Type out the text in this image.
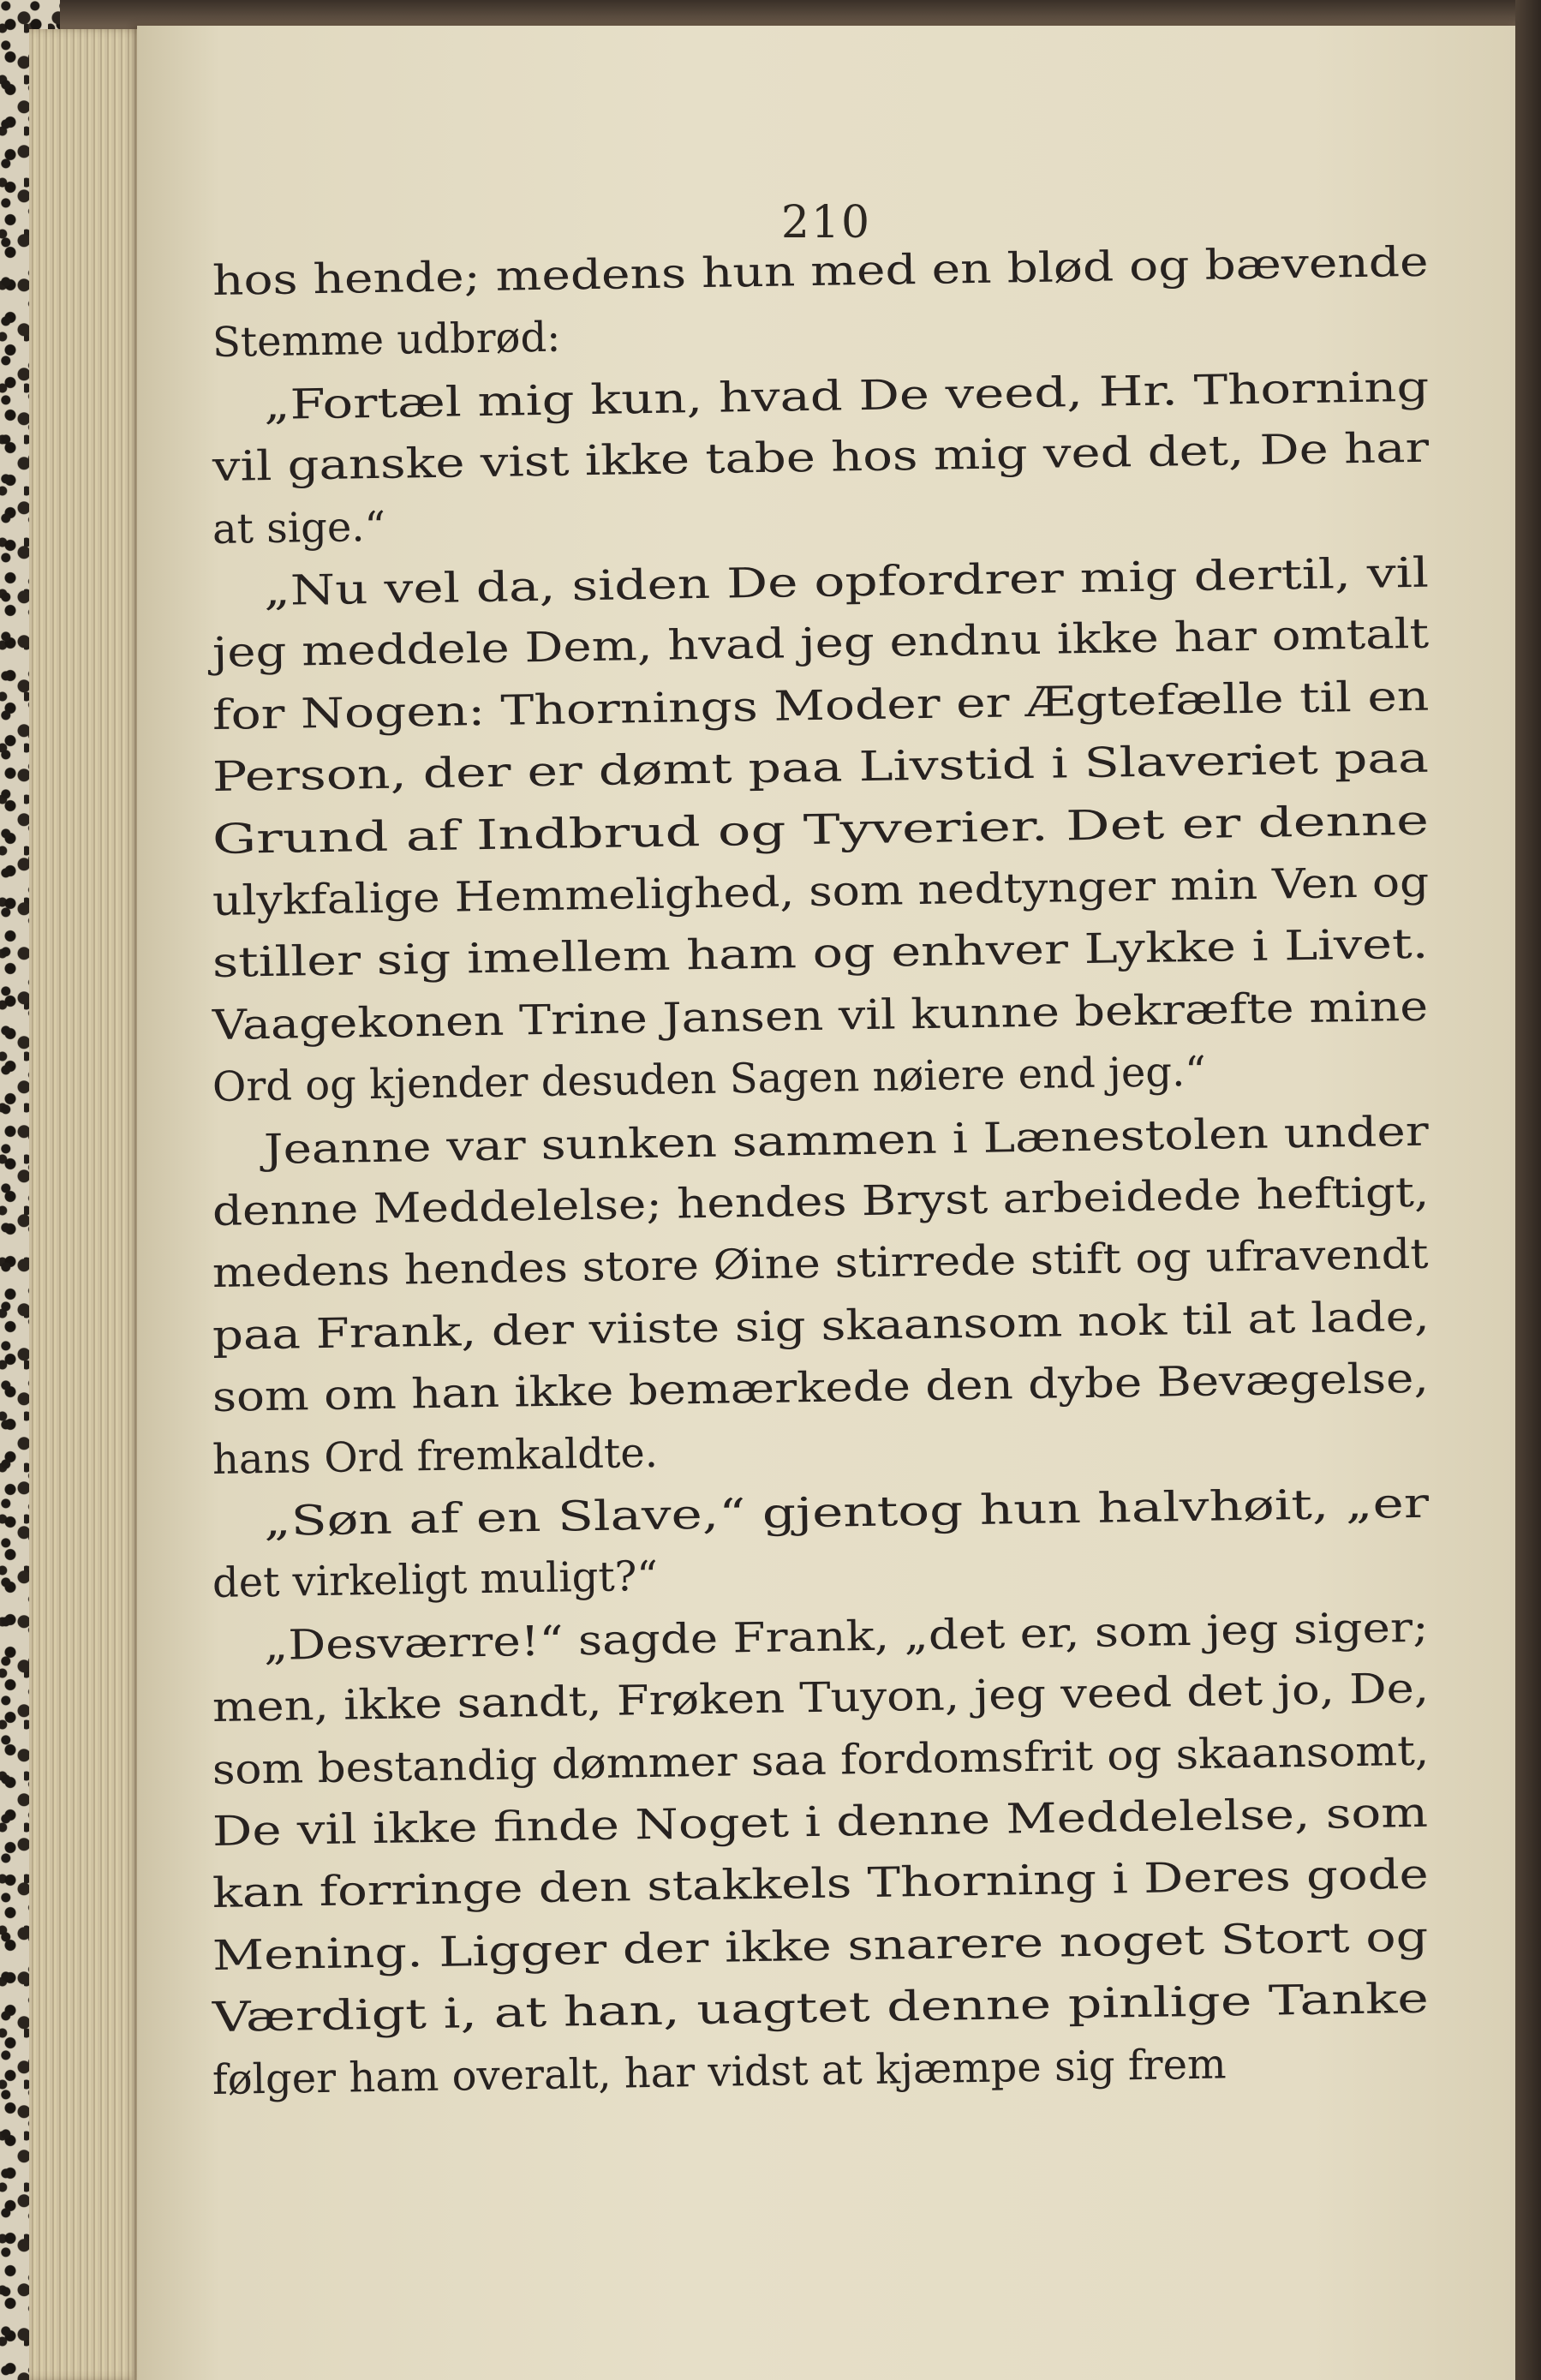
210
hos hende; medens hun med en blød og bævende
Stemme udbrød:
„Fortæl mig kun, hvad De veed, Hr. Thorning
vil ganske vist ikke tabe hos mig ved det, De har
at sige.“
„Nu vel da, siden De opfordrer mig dertil, vil
jeg meddele Dem, hvad jeg endnu ikke har omtalt
for Nogen: Thornings Moder er Ægtefælle til en
Person, der er dømt paa Livstid i Slaveriet paa
Grund af Indbrud og Tyverier. Det er denne
ulykfalige Hemmelighed, som nedtynger min Ven og
stiller sig imellem ham og enhver Lykke i Livet.
Vaagekonen Trine Jansen vil kunne bekræfte mine
Ord og kjender desuden Sagen nøiere end jeg.“
Jeanne var sunken sammen i Lænestolen under
denne Meddelelse; hendes Bryst arbeidede heftigt,
medens hendes store Øine stirrede stift og ufravendt
paa Frank, der viiste sig skaansom nok til at lade,
som om han ikke bemærkede den dybe Bevægelse,
hans Ord fremkaldte.
„Søn af en Slave,“ gjentog hun halvhøit, „er
det virkeligt muligt?“
„Desværre!“ sagde Frank, „det er, som jeg siger;
men, ikke sandt, Frøken Tuyon, jeg veed det jo, De,
som bestandig dømmer saa fordomsfrit og skaansomt,
De vil ikke finde Noget i denne Meddelelse, som
kan forringe den stakkels Thorning i Deres gode
Mening. Ligger der ikke snarere noget Stort og
Værdigt i, at han, uagtet denne pinlige Tanke
følger ham overalt, har vidst at kjæmpe sig frem
